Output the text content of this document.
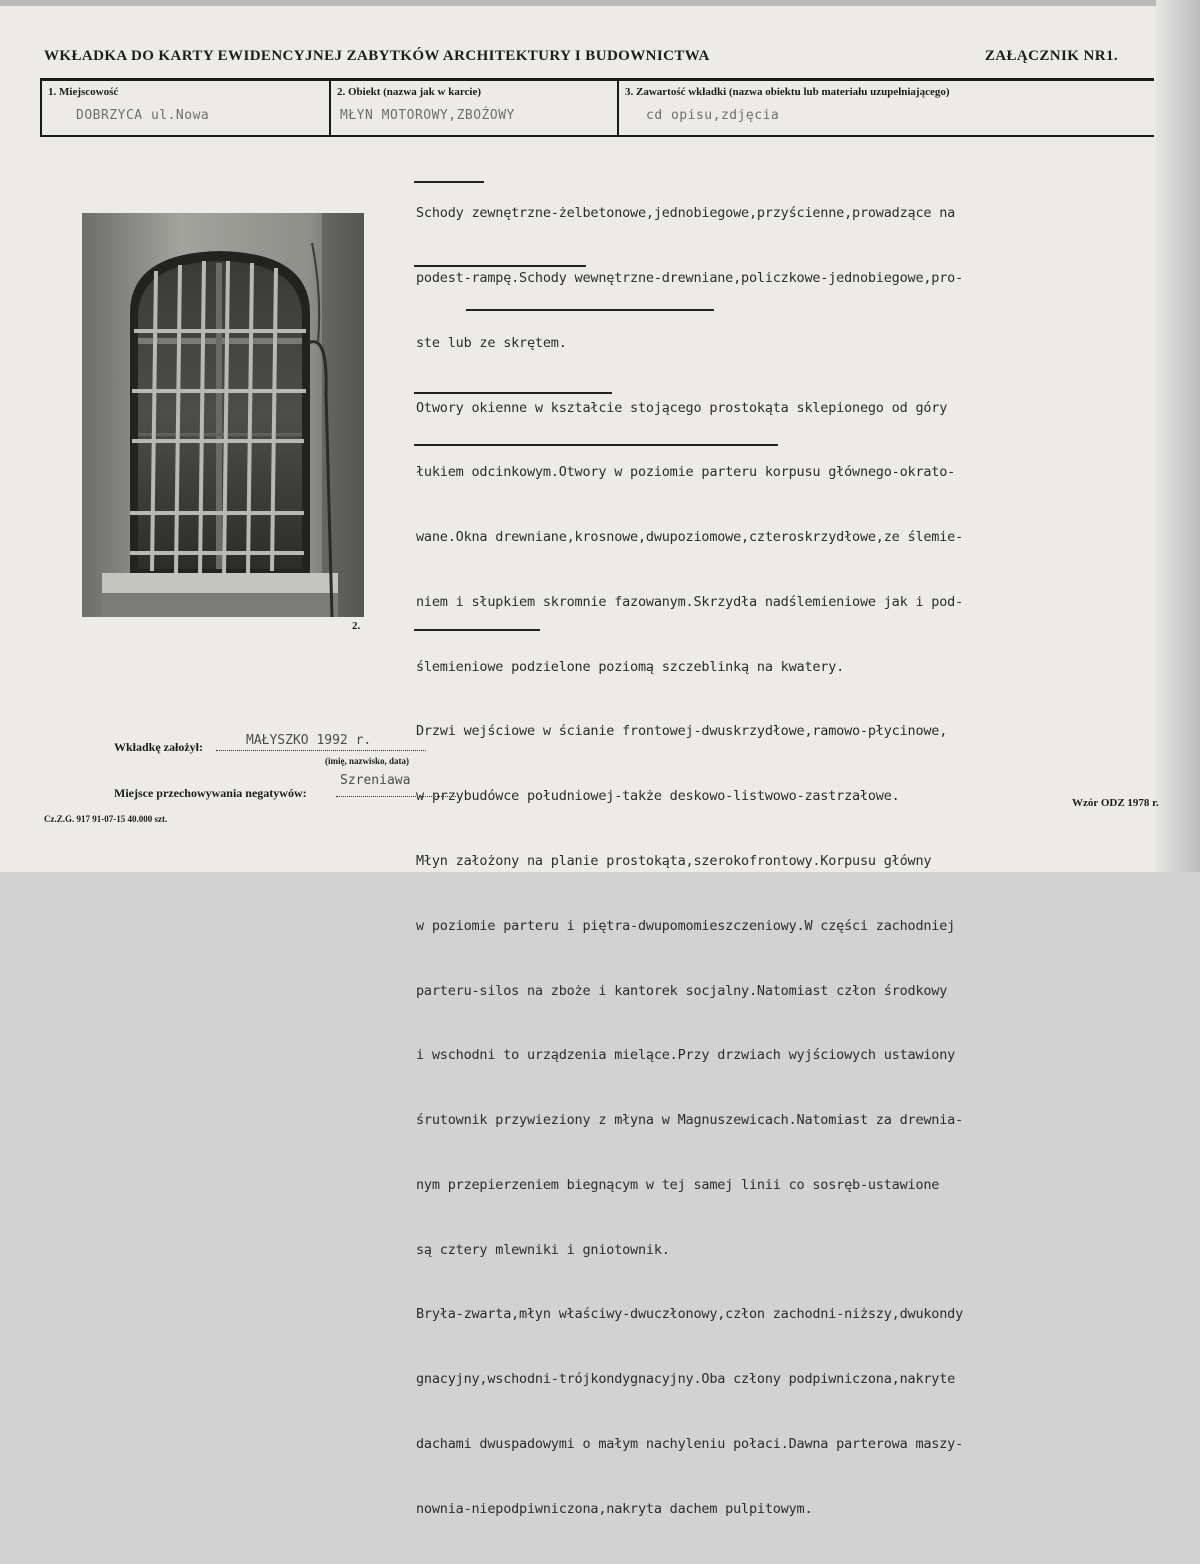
WKŁADKA DO KARTY EWIDENCYJNEJ ZABYTKÓW ARCHITEKTURY I BUDOWNICTWA	ZAŁĄCZNIK NR1.
1. Miejscowość
DOBRZYCA ul.Nowa
2. Obiekt (nazwa jak w karcie)
MŁYN MOTOROWY,ZBOŻOWY
3. Zawartość wkładki (nazwa obiektu lub materiału uzupełniającego)
cd opisu,zdjęcia
2.

Schody zewnętrzne-żelbetonowe,jednobiegowe,przyścienne,prowadzące na

podest-rampę.Schody wewnętrzne-drewniane,policzkowe-jednobiegowe,pro-

ste lub ze skrętem.

Otwory okienne w kształcie stojącego prostokąta sklepionego od góry

łukiem odcinkowym.Otwory w poziomie parteru korpusu głównego-okrato-

wane.Okna drewniane,krosnowe,dwupoziomowe,czteroskrzydłowe,ze ślemie-

niem i słupkiem skromnie fazowanym.Skrzydła nadślemieniowe jak i pod-

ślemieniowe podzielone poziomą szczeblinką na kwatery.

Drzwi wejściowe w ścianie frontowej-dwuskrzydłowe,ramowo-płycinowe,

w przybudówce południowej-także deskowo-listwowo-zastrzałowe.

Młyn założony na planie prostokąta,szerokofrontowy.Korpusu główny

w poziomie parteru i piętra-dwupomomieszczeniowy.W części zachodniej

parteru-silos na zboże i kantorek socjalny.Natomiast człon środkowy

i wschodni to urządzenia mielące.Przy drzwiach wyjściowych ustawiony

śrutownik przywieziony z młyna w Magnuszewicach.Natomiast za drewnia-

nym przepierzeniem biegnącym w tej samej linii co sosręb-ustawione

są cztery mlewniki i gniotownik.

Bryła-zwarta,młyn właściwy-dwuczłonowy,człon zachodni-niższy,dwukondy

gnacyjny,wschodni-trójkondygnacyjny.Oba człony podpiwniczona,nakryte

dachami dwuspadowymi o małym nachyleniu połaci.Dawna parterowa maszy-

nownia-niepodpiwniczona,nakryta dachem pulpitowym.

Wkładkę założył:	MAŁYSZKO 1992 r.
(imię, nazwisko, data)
Miejsce przechowywania negatywów:
Szreniawa
Wzór ODZ 1978 r.
Cz.Z.G. 917 91-07-15 40.000 szt.
